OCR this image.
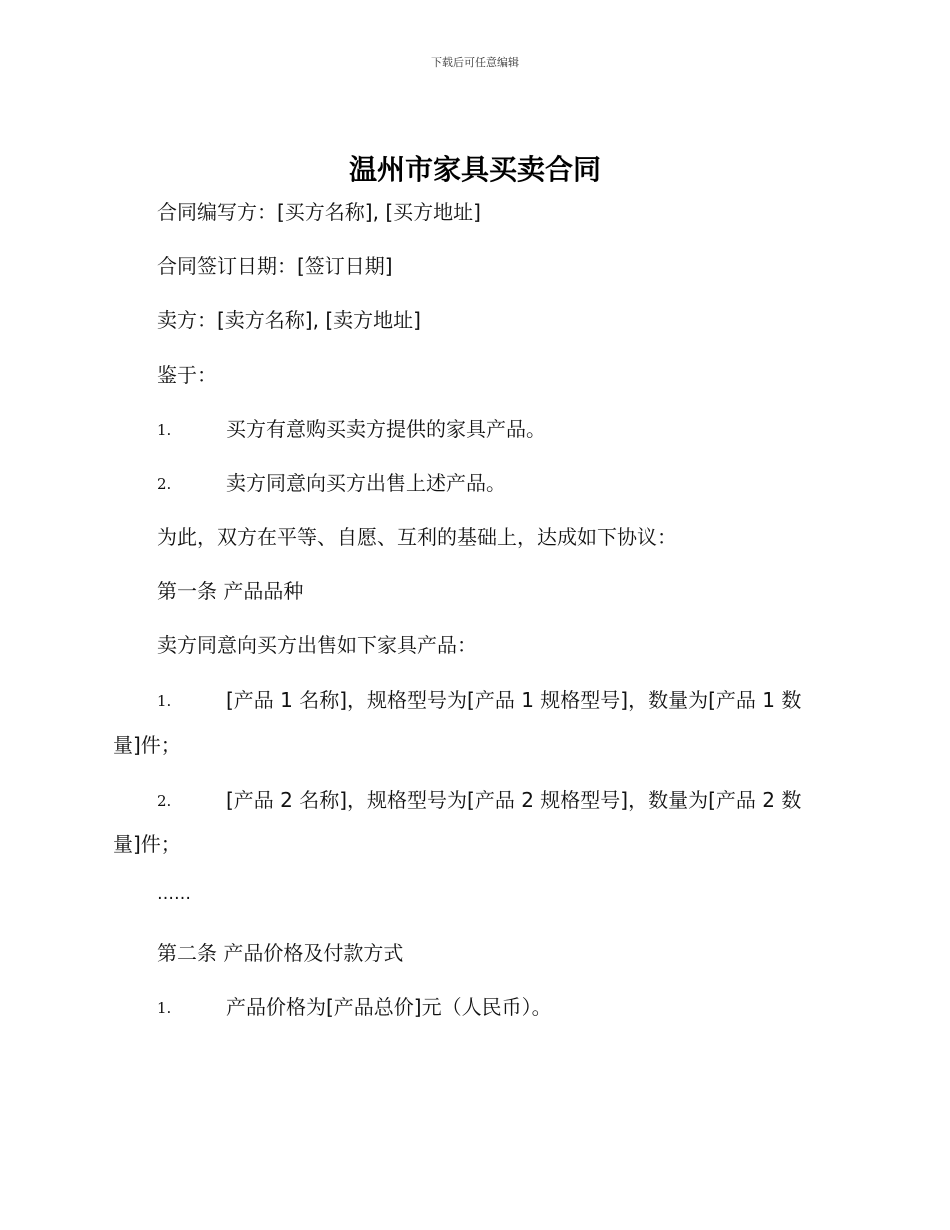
下载后可任意编辑
温州市家具买卖合同
合同编写方：[买方名称], [买方地址]
合同签订日期：[签订日期]
卖方：[卖方名称], [卖方地址]
鉴于：
1.	买方有意购买卖方提供的家具产品。
2.	卖方同意向买方出售上述产品。
为此，双方在平等、自愿、互利的基础上，达成如下协议：
第一条 产品品种
卖方同意向买方出售如下家具产品：
1.	[产品 1 名称]，规格型号为[产品 1 规格型号]，数量为[产品 1 数
量]件；
2.	[产品 2 名称]，规格型号为[产品 2 规格型号]，数量为[产品 2 数
量]件；
……
第二条 产品价格及付款方式
1.	产品价格为[产品总价]元（人民币）。
